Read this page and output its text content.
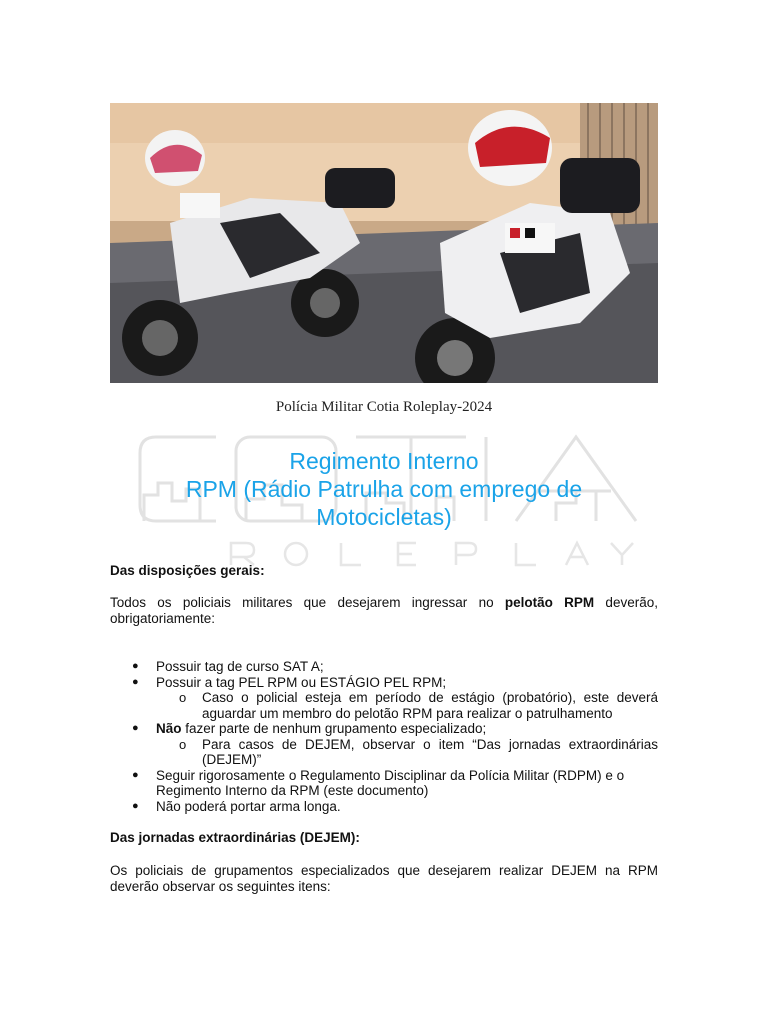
Polícia Militar Cotia Roleplay-2024
Regimento Interno
RPM (Rádio Patrulha com emprego de
Motocicletas)
Das disposições gerais:
Todos os policiais militares que desejarem ingressar no pelotão RPM deverão, obrigatoriamente:
● Possuir tag de curso SAT A;
● Possuir a tag PEL RPM ou ESTÁGIO PEL RPM;
o Caso o policial esteja em período de estágio (probatório), este deverá aguardar um membro do pelotão RPM para realizar o patrulhamento
● Não fazer parte de nenhum grupamento especializado;
o Para casos de DEJEM, observar o item “Das jornadas extraordinárias (DEJEM)”
● Seguir rigorosamente o Regulamento Disciplinar da Polícia Militar (RDPM) e o Regimento Interno da RPM (este documento)
● Não poderá portar arma longa.
Das jornadas extraordinárias (DEJEM):
Os policiais de grupamentos especializados que desejarem realizar DEJEM na RPM deverão observar os seguintes itens:
